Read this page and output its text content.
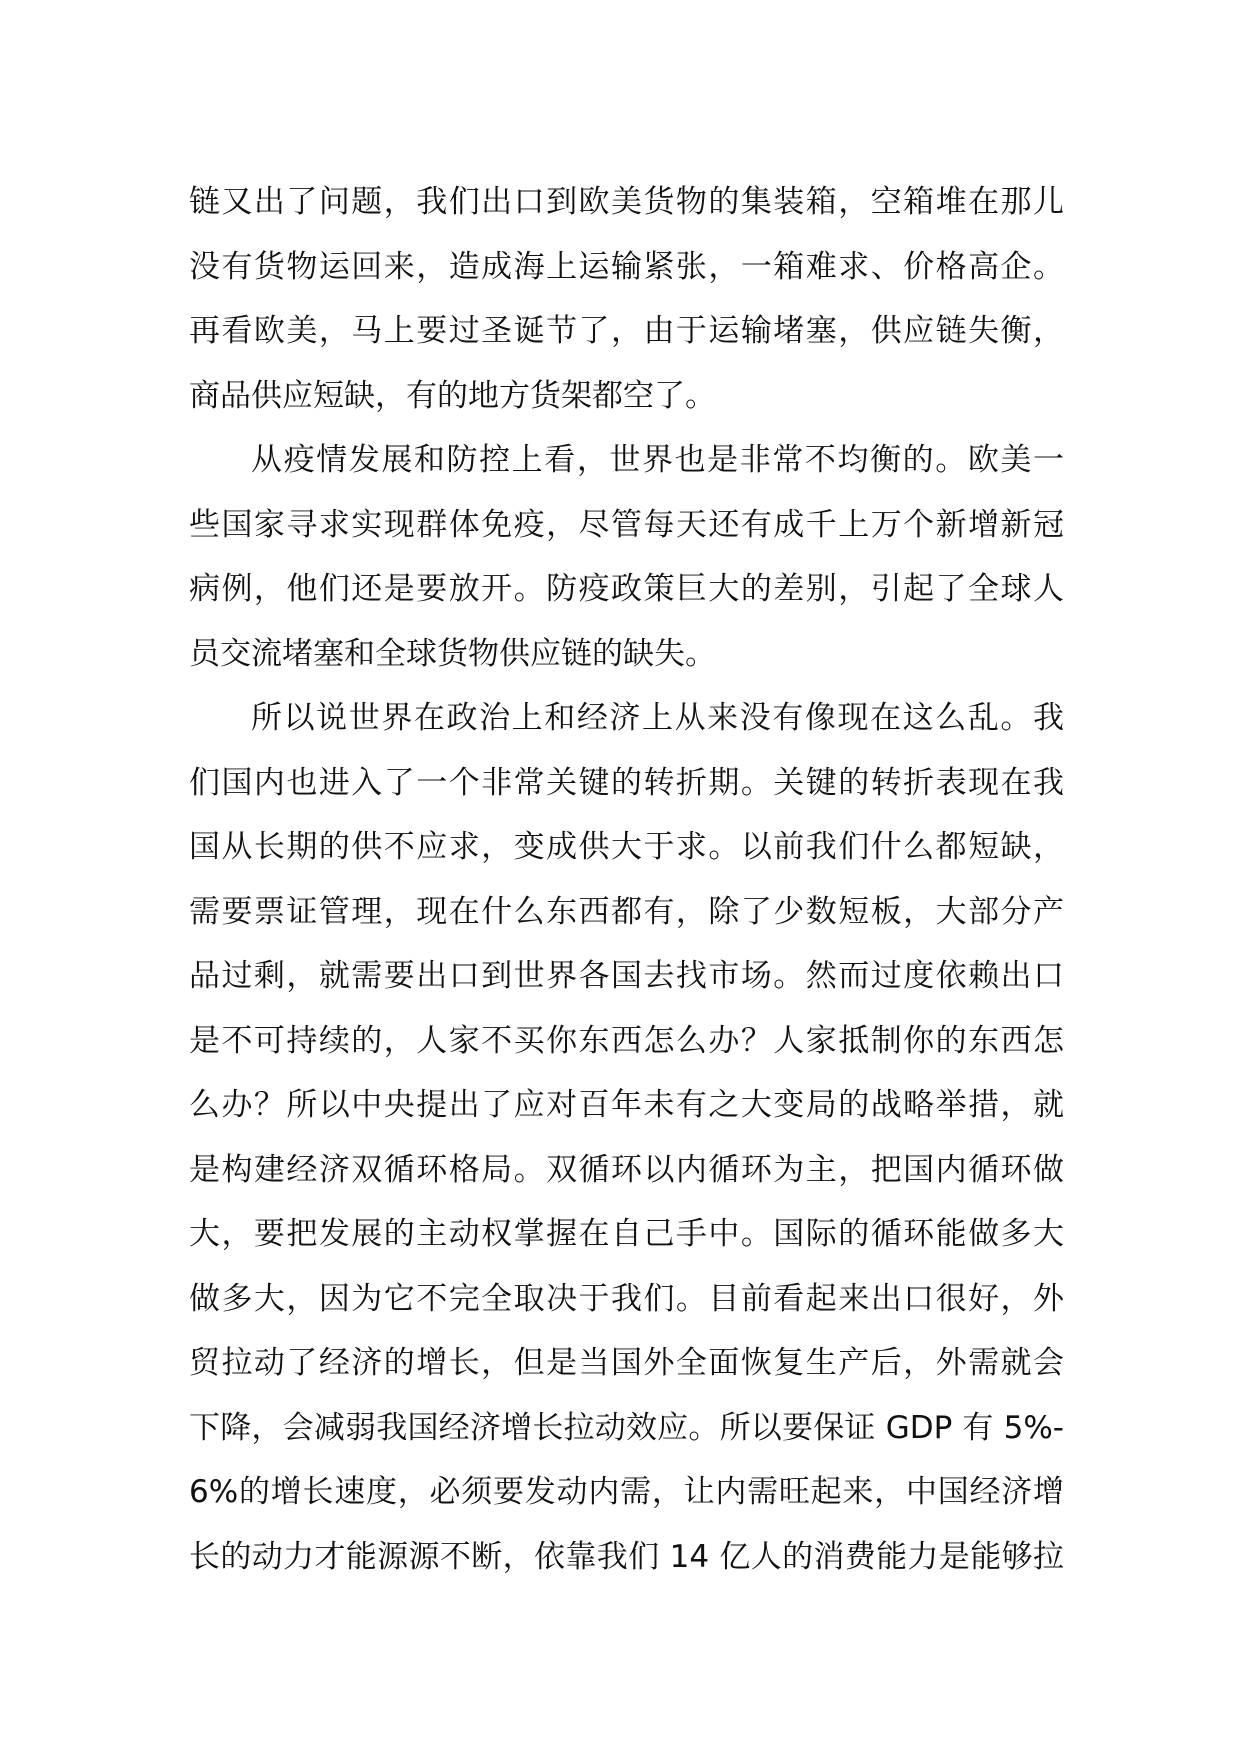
链又出了问题，我们出口到欧美货物的集装箱，空箱堆在那儿
没有货物运回来，造成海上运输紧张，一箱难求、价格高企。
再看欧美，马上要过圣诞节了，由于运输堵塞，供应链失衡，
商品供应短缺，有的地方货架都空了。
从疫情发展和防控上看，世界也是非常不均衡的。欧美一
些国家寻求实现群体免疫，尽管每天还有成千上万个新增新冠
病例，他们还是要放开。防疫政策巨大的差别，引起了全球人
员交流堵塞和全球货物供应链的缺失。
所以说世界在政治上和经济上从来没有像现在这么乱。我
们国内也进入了一个非常关键的转折期。关键的转折表现在我
国从长期的供不应求，变成供大于求。以前我们什么都短缺，
需要票证管理，现在什么东西都有，除了少数短板，大部分产
品过剩，就需要出口到世界各国去找市场。然而过度依赖出口
是不可持续的，人家不买你东西怎么办？人家抵制你的东西怎
么办？所以中央提出了应对百年未有之大变局的战略举措，就
是构建经济双循环格局。双循环以内循环为主，把国内循环做
大，要把发展的主动权掌握在自己手中。国际的循环能做多大
做多大，因为它不完全取决于我们。目前看起来出口很好，外
贸拉动了经济的增长，但是当国外全面恢复生产后，外需就会
下降，会减弱我国经济增长拉动效应。所以要保证 GDP 有 5%-
6%的增长速度，必须要发动内需，让内需旺起来，中国经济增
长的动力才能源源不断，依靠我们 14 亿人的消费能力是能够拉
